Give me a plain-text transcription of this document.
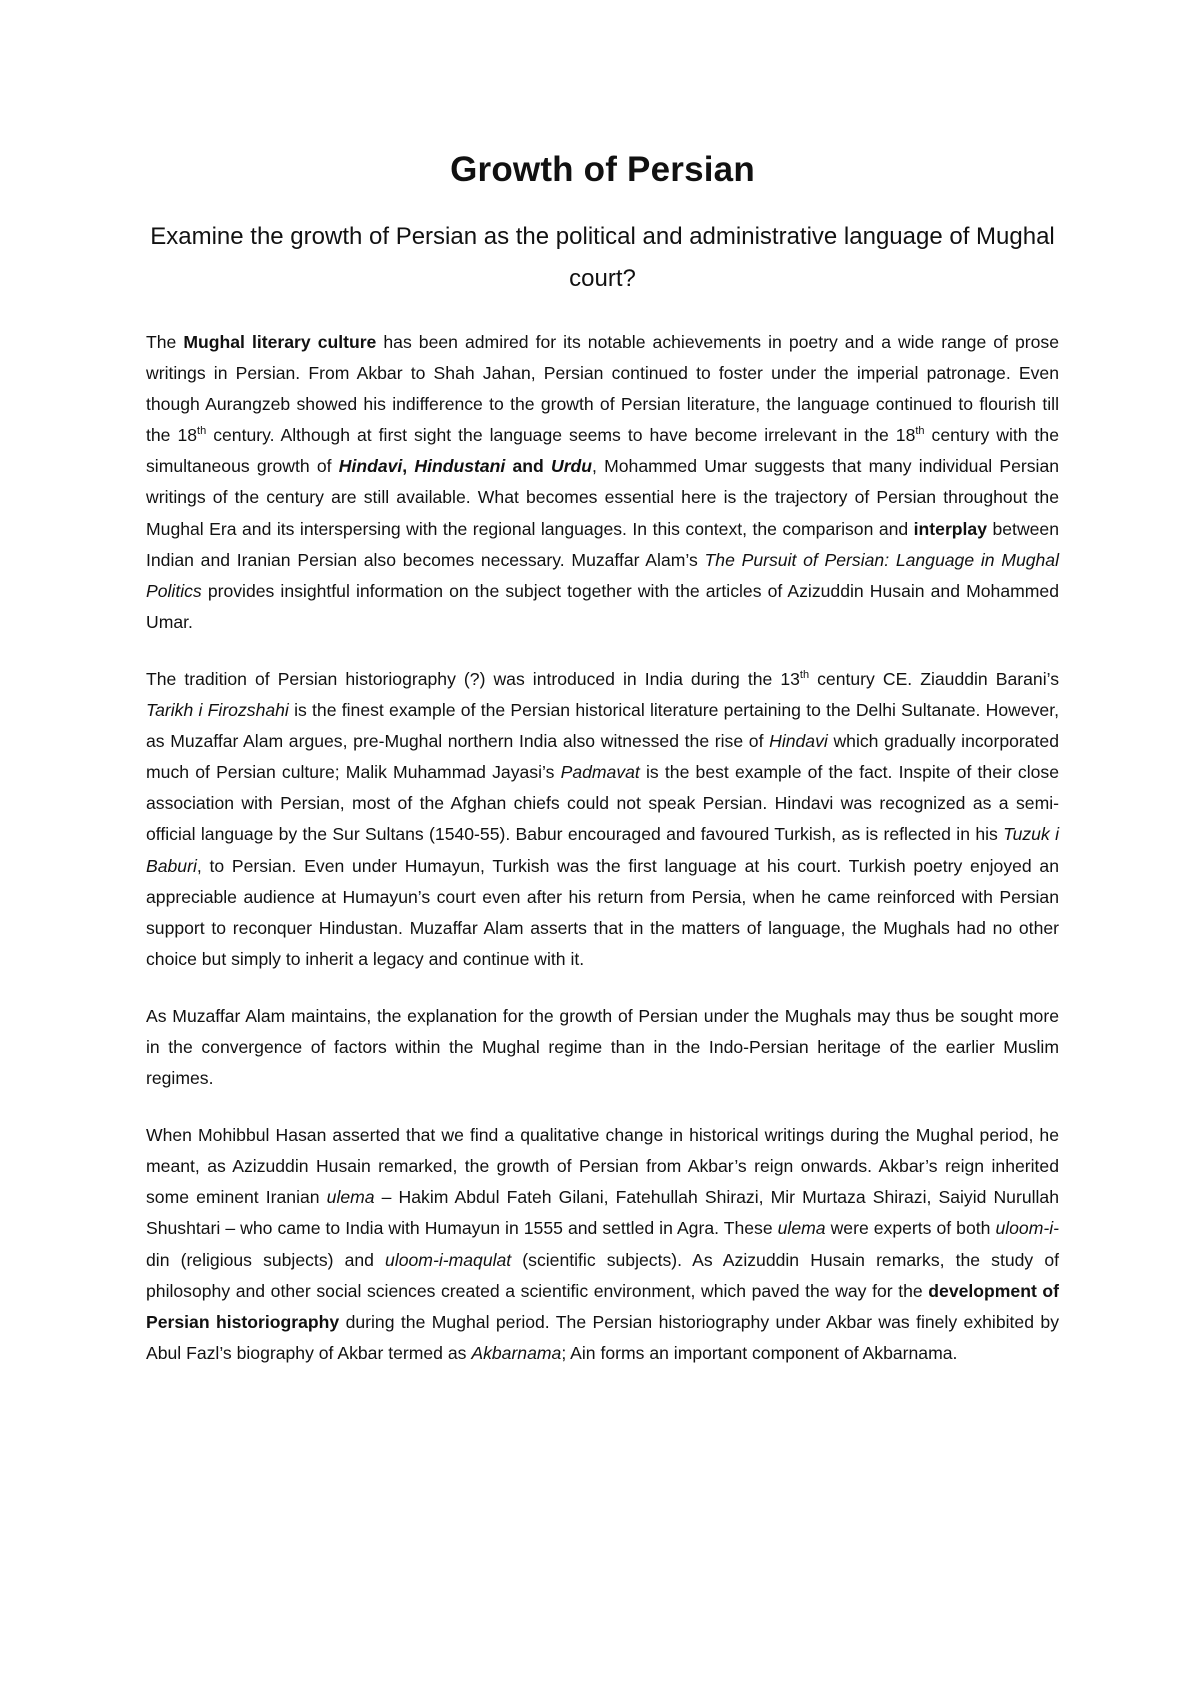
Growth of Persian
Examine the growth of Persian as the political and administrative language of Mughal court?

The Mughal literary culture has been admired for its notable achievements in poetry and a wide range of prose writings in Persian. From Akbar to Shah Jahan, Persian continued to foster under the imperial patronage. Even though Aurangzeb showed his indifference to the growth of Persian literature, the language continued to flourish till the 18th century. Although at first sight the language seems to have become irrelevant in the 18th century with the simultaneous growth of Hindavi, Hindustani and Urdu, Mohammed Umar suggests that many individual Persian writings of the century are still available. What becomes essential here is the trajectory of Persian throughout the Mughal Era and its interspersing with the regional languages. In this context, the comparison and interplay between Indian and Iranian Persian also becomes necessary. Muzaffar Alam’s The Pursuit of Persian: Language in Mughal Politics provides insightful information on the subject together with the articles of Azizuddin Husain and Mohammed Umar.

The tradition of Persian historiography (?) was introduced in India during the 13th century CE. Ziauddin Barani’s Tarikh i Firozshahi is the finest example of the Persian historical literature pertaining to the Delhi Sultanate. However, as Muzaffar Alam argues, pre-Mughal northern India also witnessed the rise of Hindavi which gradually incorporated much of Persian culture; Malik Muhammad Jayasi’s Padmavat is the best example of the fact. Inspite of their close association with Persian, most of the Afghan chiefs could not speak Persian. Hindavi was recognized as a semi-official language by the Sur Sultans (1540-55). Babur encouraged and favoured Turkish, as is reflected in his Tuzuk i Baburi, to Persian. Even under Humayun, Turkish was the first language at his court. Turkish poetry enjoyed an appreciable audience at Humayun’s court even after his return from Persia, when he came reinforced with Persian support to reconquer Hindustan. Muzaffar Alam asserts that in the matters of language, the Mughals had no other choice but simply to inherit a legacy and continue with it.

As Muzaffar Alam maintains, the explanation for the growth of Persian under the Mughals may thus be sought more in the convergence of factors within the Mughal regime than in the Indo-Persian heritage of the earlier Muslim regimes.

When Mohibbul Hasan asserted that we find a qualitative change in historical writings during the Mughal period, he meant, as Azizuddin Husain remarked, the growth of Persian from Akbar’s reign onwards. Akbar’s reign inherited some eminent Iranian ulema – Hakim Abdul Fateh Gilani, Fatehullah Shirazi, Mir Murtaza Shirazi, Saiyid Nurullah Shushtari – who came to India with Humayun in 1555 and settled in Agra. These ulema were experts of both uloom-i-din (religious subjects) and uloom-i-maqulat (scientific subjects). As Azizuddin Husain remarks, the study of philosophy and other social sciences created a scientific environment, which paved the way for the development of Persian historiography during the Mughal period. The Persian historiography under Akbar was finely exhibited by Abul Fazl’s biography of Akbar termed as Akbarnama; Ain forms an important component of Akbarnama.
